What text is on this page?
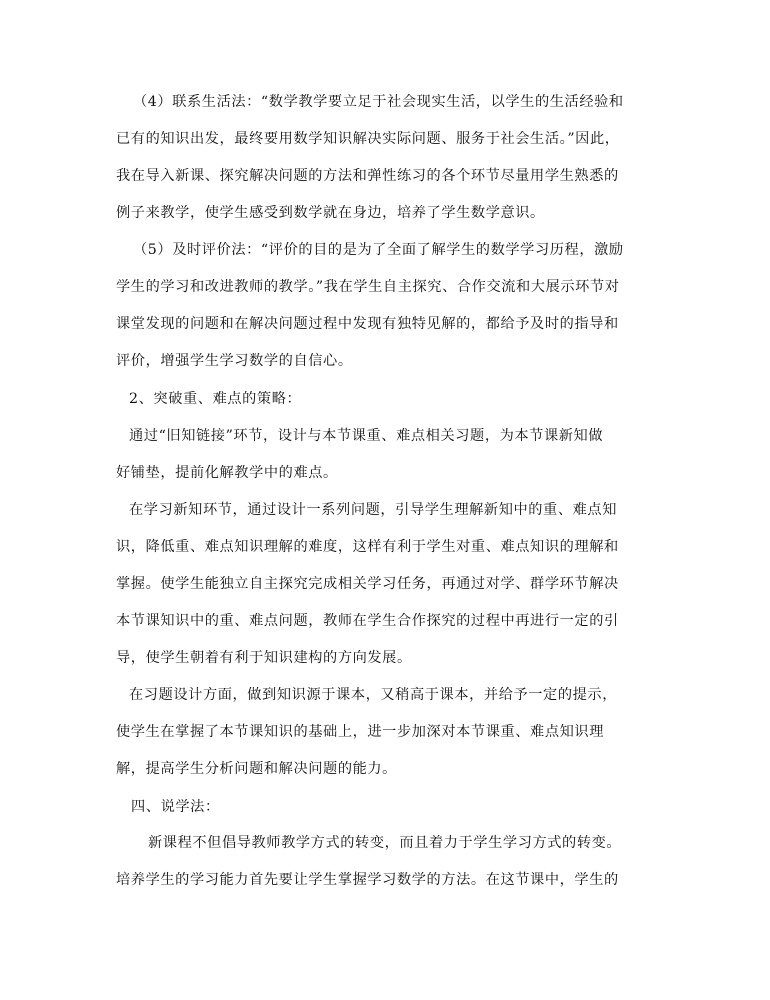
（4）联系生活法：“数学教学要立足于社会现实生活，以学生的生活经验和
已有的知识出发，最终要用数学知识解决实际问题、服务于社会生活。”因此，
我在导入新课、探究解决问题的方法和弹性练习的各个环节尽量用学生熟悉的
例子来教学，使学生感受到数学就在身边，培养了学生数学意识。
（5）及时评价法：“评价的目的是为了全面了解学生的数学学习历程，激励
学生的学习和改进教师的教学。”我在学生自主探究、合作交流和大展示环节对
课堂发现的问题和在解决问题过程中发现有独特见解的，都给予及时的指导和
评价，增强学生学习数学的自信心。
2、突破重、难点的策略：
通过“旧知链接”环节，设计与本节课重、难点相关习题，为本节课新知做
好铺垫，提前化解教学中的难点。
在学习新知环节，通过设计一系列问题，引导学生理解新知中的重、难点知
识，降低重、难点知识理解的难度，这样有利于学生对重、难点知识的理解和
掌握。使学生能独立自主探究完成相关学习任务，再通过对学、群学环节解决
本节课知识中的重、难点问题，教师在学生合作探究的过程中再进行一定的引
导，使学生朝着有利于知识建构的方向发展。
在习题设计方面，做到知识源于课本，又稍高于课本，并给予一定的提示，
使学生在掌握了本节课知识的基础上，进一步加深对本节课重、难点知识理
解，提高学生分析问题和解决问题的能力。
四、说学法：
新课程不但倡导教师教学方式的转变，而且着力于学生学习方式的转变。
培养学生的学习能力首先要让学生掌握学习数学的方法。在这节课中，学生的
